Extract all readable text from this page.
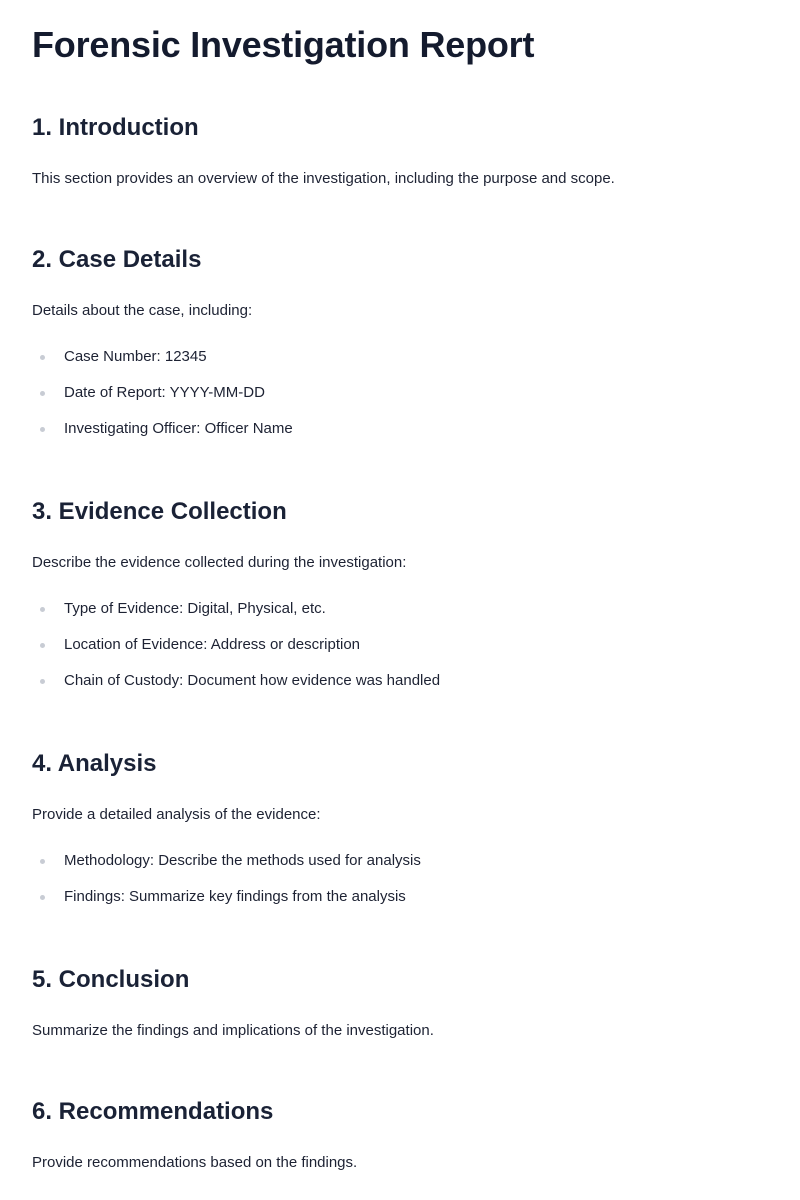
Forensic Investigation Report
1. Introduction

This section provides an overview of the investigation, including the purpose and scope.

2. Case Details

Details about the case, including:

Case Number: 12345
Date of Report: YYYY-MM-DD
Investigating Officer: Officer Name
3. Evidence Collection

Describe the evidence collected during the investigation:

Type of Evidence: Digital, Physical, etc.
Location of Evidence: Address or description
Chain of Custody: Document how evidence was handled
4. Analysis

Provide a detailed analysis of the evidence:

Methodology: Describe the methods used for analysis
Findings: Summarize key findings from the analysis
5. Conclusion

Summarize the findings and implications of the investigation.

6. Recommendations

Provide recommendations based on the findings.
